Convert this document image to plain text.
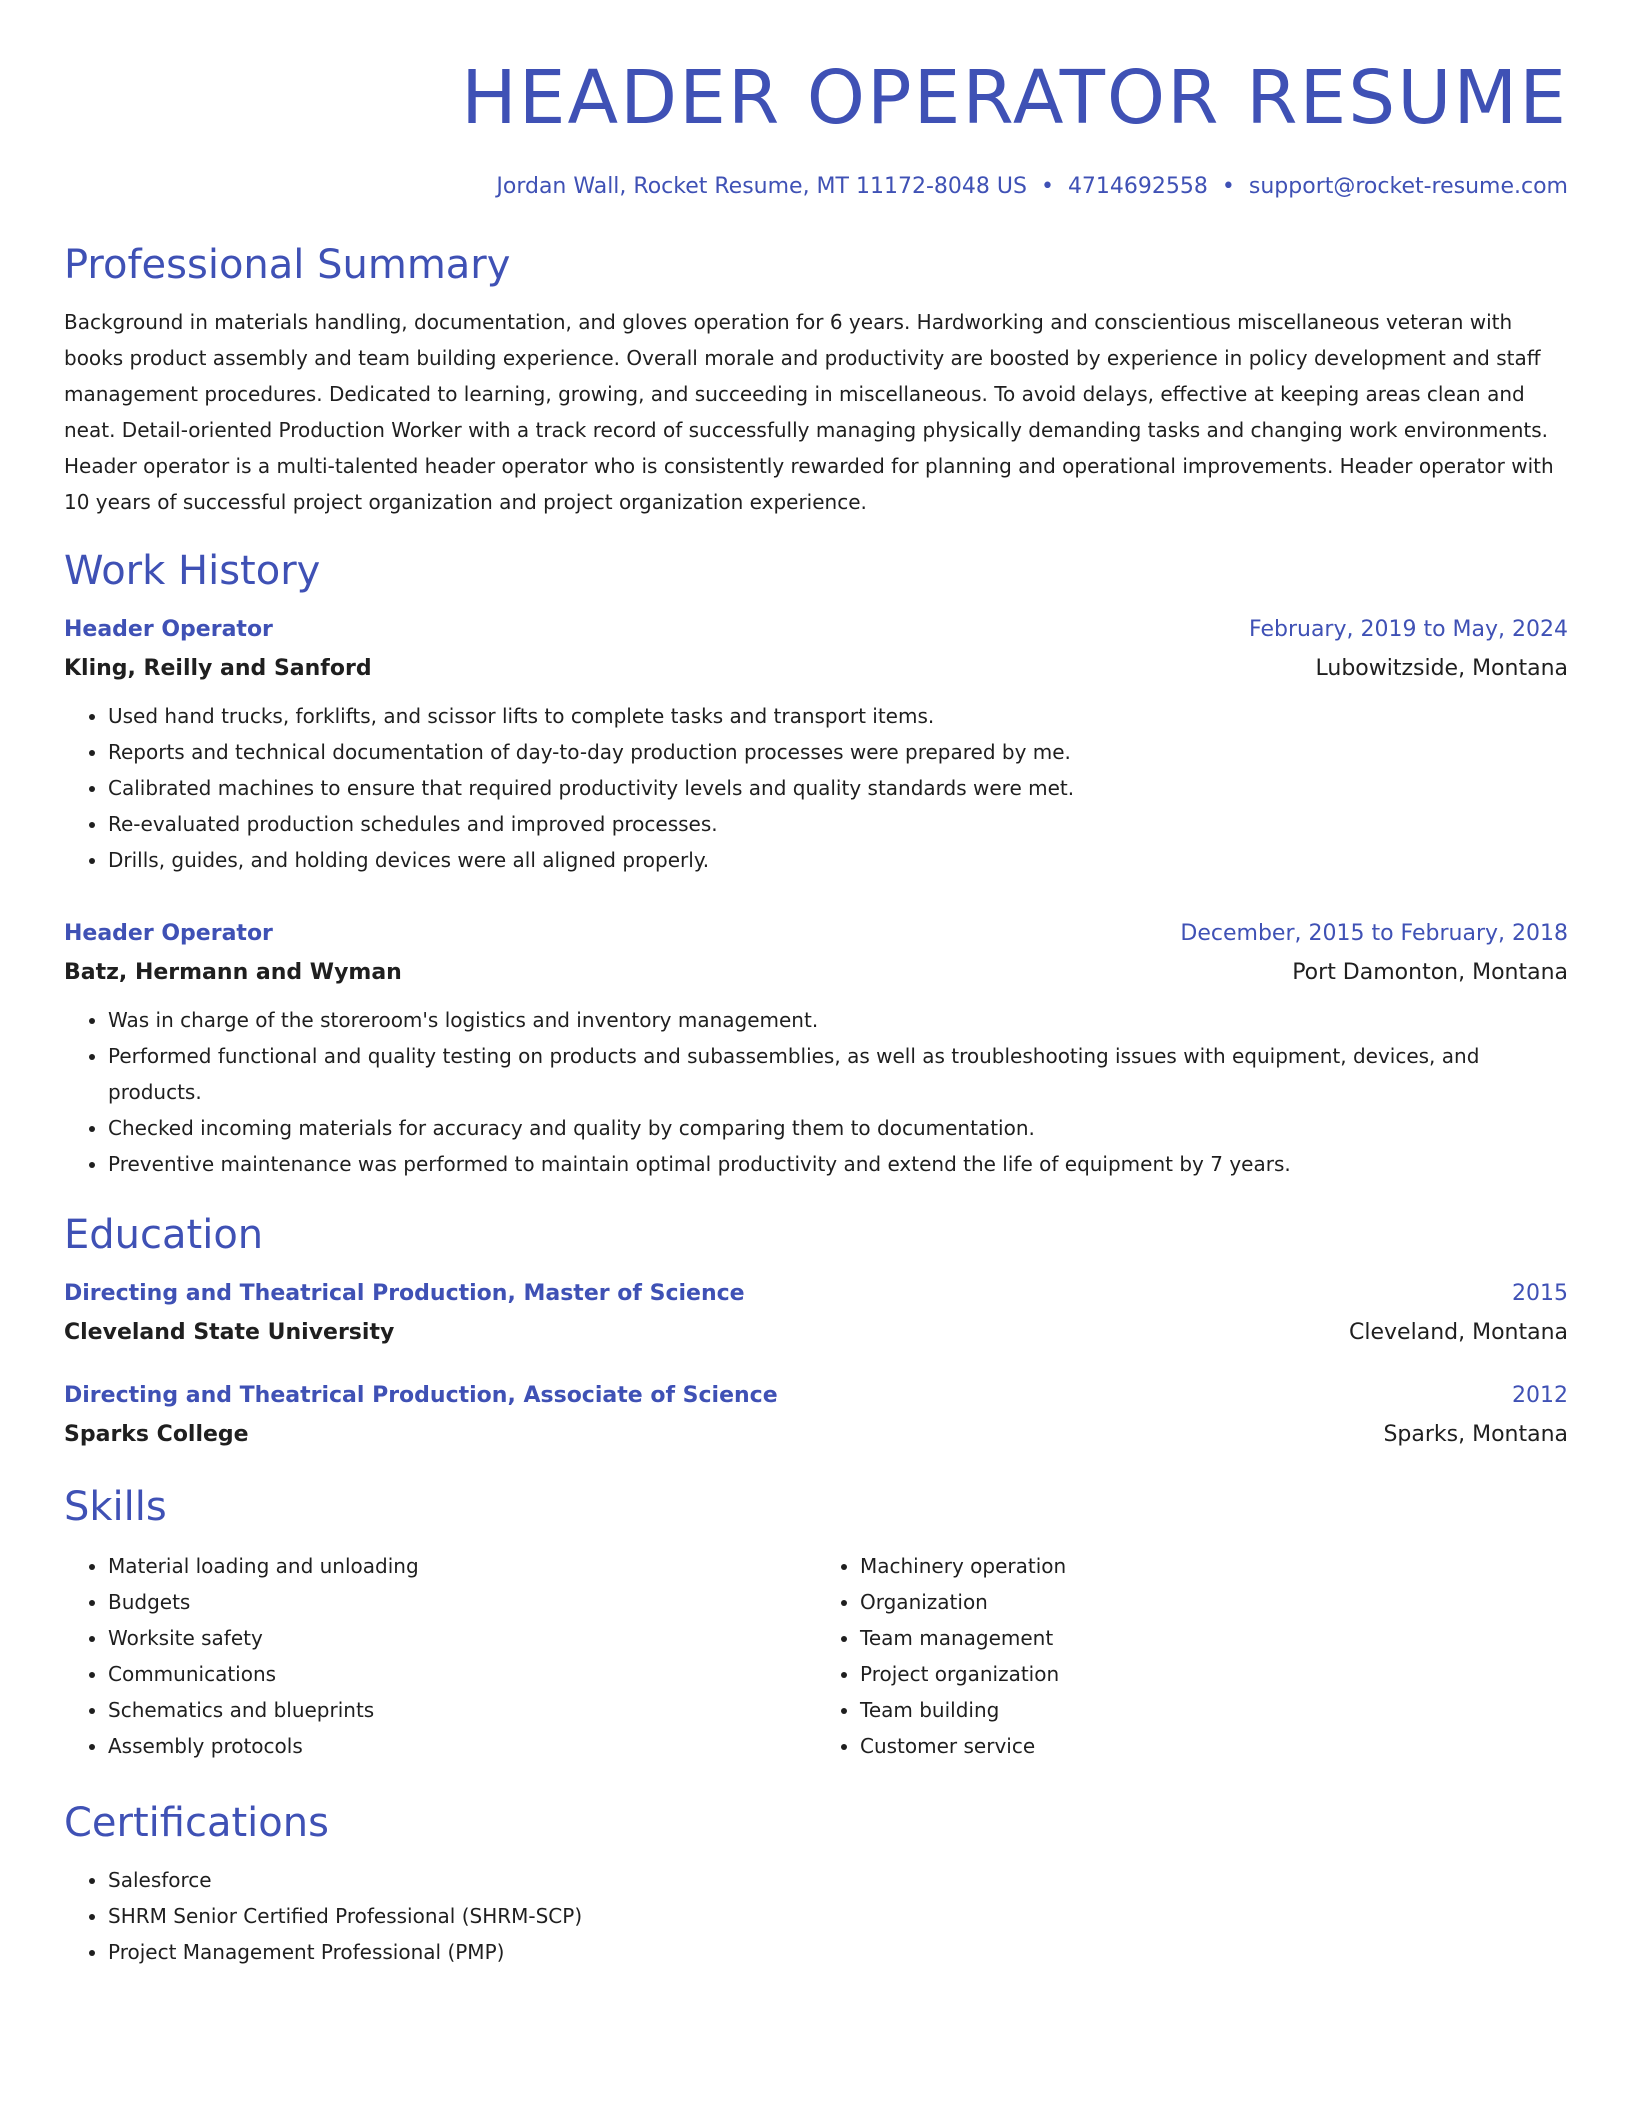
HEADER OPERATOR RESUME
Jordan Wall, Rocket Resume, MT 11172-8048 US • 4714692558 • support@rocket-resume.com
Professional Summary

Background in materials handling, documentation, and gloves operation for 6 years. Hardworking and conscientious miscellaneous veteran with books product assembly and team building experience. Overall morale and productivity are boosted by experience in policy development and staff management procedures. Dedicated to learning, growing, and succeeding in miscellaneous. To avoid delays, effective at keeping areas clean and neat. Detail-oriented Production Worker with a track record of successfully managing physically demanding tasks and changing work environments. Header operator is a multi-talented header operator who is consistently rewarded for planning and operational improvements. Header operator with 10 years of successful project organization and project organization experience.

Work History
Header Operator	February, 2019 to May, 2024
Kling, Reilly and Sanford	Lubowitzside, Montana
• Used hand trucks, forklifts, and scissor lifts to complete tasks and transport items.
• Reports and technical documentation of day-to-day production processes were prepared by me.
• Calibrated machines to ensure that required productivity levels and quality standards were met.
• Re-evaluated production schedules and improved processes.
• Drills, guides, and holding devices were all aligned properly.
Header Operator	December, 2015 to February, 2018
Batz, Hermann and Wyman	Port Damonton, Montana
• Was in charge of the storeroom's logistics and inventory management.
• Performed functional and quality testing on products and subassemblies, as well as troubleshooting issues with equipment, devices, and products.
• Checked incoming materials for accuracy and quality by comparing them to documentation.
• Preventive maintenance was performed to maintain optimal productivity and extend the life of equipment by 7 years.
Education
Directing and Theatrical Production, Master of Science	2015
Cleveland State University	Cleveland, Montana
Directing and Theatrical Production, Associate of Science	2012
Sparks College	Sparks, Montana
Skills
• Material loading and unloading
• Budgets
• Worksite safety
• Communications
• Schematics and blueprints
• Assembly protocols
• Machinery operation
• Organization
• Team management
• Project organization
• Team building
• Customer service
Certifications
• Salesforce
• SHRM Senior Certified Professional (SHRM-SCP)
• Project Management Professional (PMP)
